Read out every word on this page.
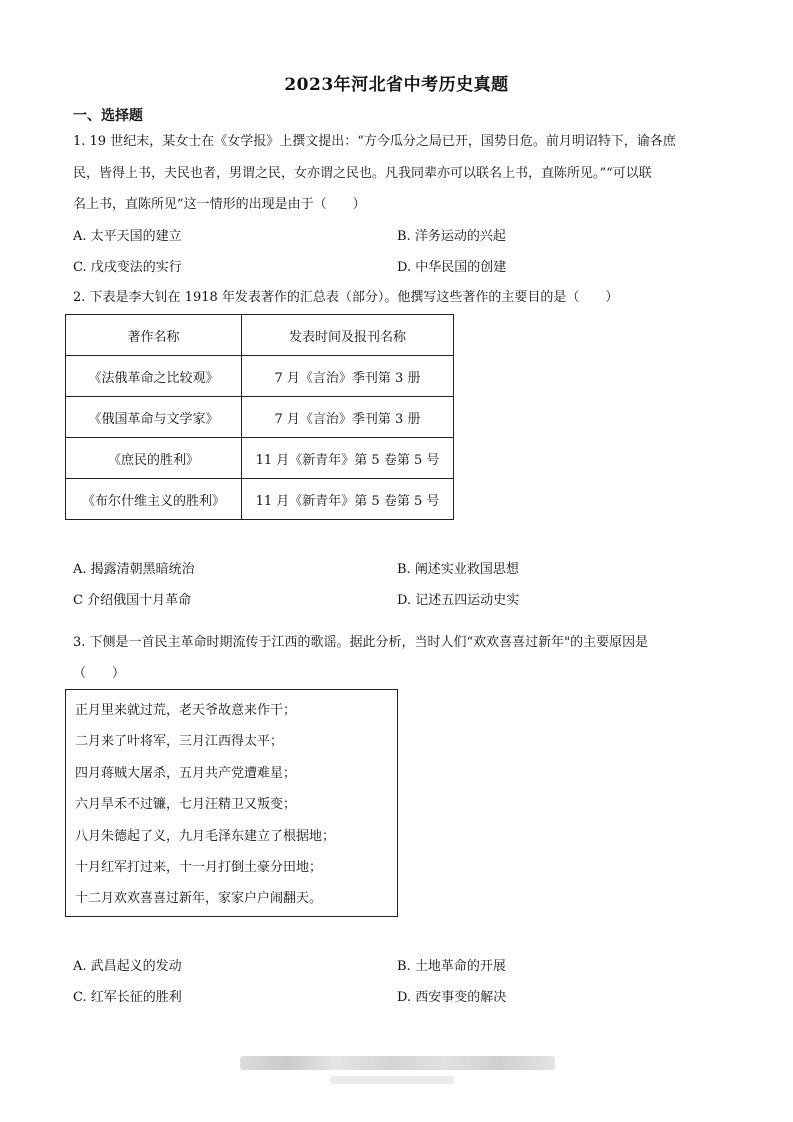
2023年河北省中考历史真题
一、选择题
1. 19 世纪末，某女士在《女学报》上撰文提出：“方今瓜分之局已开，国势日危。前月明诏特下，谕各庶
民，皆得上书，夫民也者，男谓之民，女亦谓之民也。凡我同辈亦可以联名上书，直陈所见。”“可以联
名上书，直陈所见”这一情形的出现是由于（　　）
A. 太平天国的建立	B. 洋务运动的兴起
C. 戊戌变法的实行	D. 中华民国的创建
2. 下表是李大钊在 1918 年发表著作的汇总表（部分）。他撰写这些著作的主要目的是（　　）
著作名称	发表时间及报刊名称
《法俄革命之比较观》	7 月《言治》季刊第 3 册
《俄国革命与文学家》	7 月《言治》季刊第 3 册
《庶民的胜利》	11 月《新青年》第 5 卷第 5 号
《布尔什维主义的胜利》	11 月《新青年》第 5 卷第 5 号
A. 揭露清朝黑暗统治	B. 阐述实业救国思想
C 介绍俄国十月革命	D. 记述五四运动史实
3. 下侧是一首民主革命时期流传于江西的歌谣。据此分析，当时人们“欢欢喜喜过新年"的主要原因是
（　　）
正月里来就过荒，老天爷故意来作干；
二月来了叶将军，三月江西得太平；
四月蒋贼大屠杀，五月共产党遭难星；
六月旱禾不过镰，七月汪精卫又叛变；
八月朱德起了义，九月毛泽东建立了根据地；
十月红军打过来，十一月打倒土豪分田地；
十二月欢欢喜喜过新年，家家户户闹翻天。
A. 武昌起义的发动	B. 土地革命的开展
C. 红军长征的胜利	D. 西安事变的解决
